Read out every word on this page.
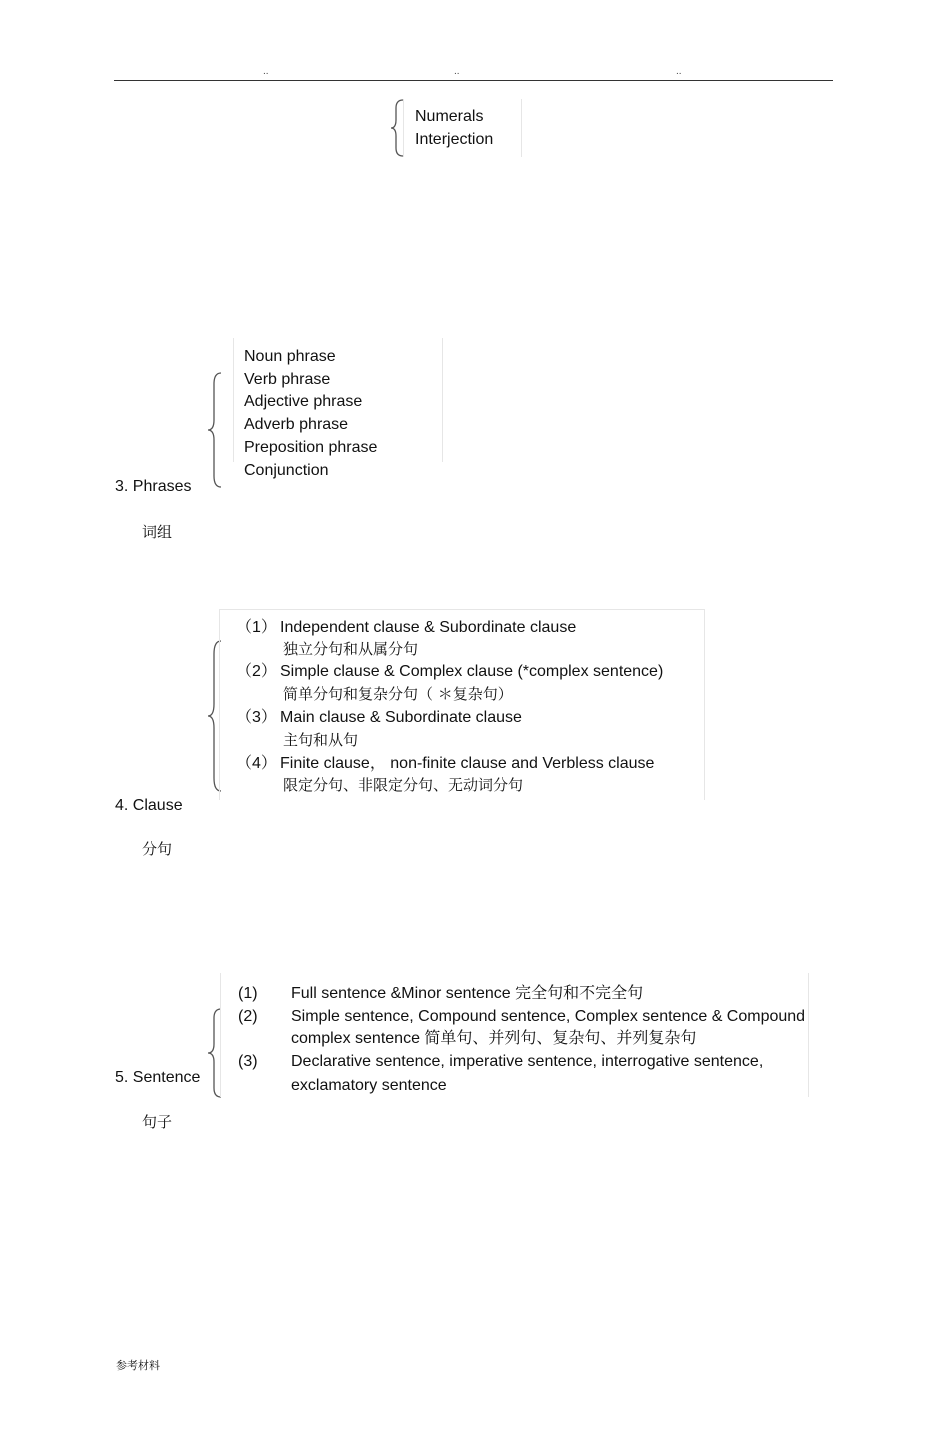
..	..	..
Numerals
Interjection
Noun phrase
Verb phrase
Adjective phrase
Adverb phrase
Preposition phrase
Conjunction
3. Phrases
词组
（1） Independent clause & Subordinate clause
独立分句和从属分句
（2） Simple clause & Complex clause (*complex sentence)
简单分句和复杂分句（ ＊复杂句）
（3） Main clause & Subordinate clause
主句和从句
（4） Finite clause， non-finite clause and Verbless clause
限定分句、非限定分句、无动词分句
4. Clause
分句
(1) Full sentence &Minor sentence 完全句和不完全句
(2) Simple sentence, Compound sentence, Complex sentence & Compound
complex sentence 简单句、并列句、复杂句、并列复杂句
(3) Declarative sentence, imperative sentence, interrogative sentence,
exclamatory sentence
5. Sentence
句子
参考材料
